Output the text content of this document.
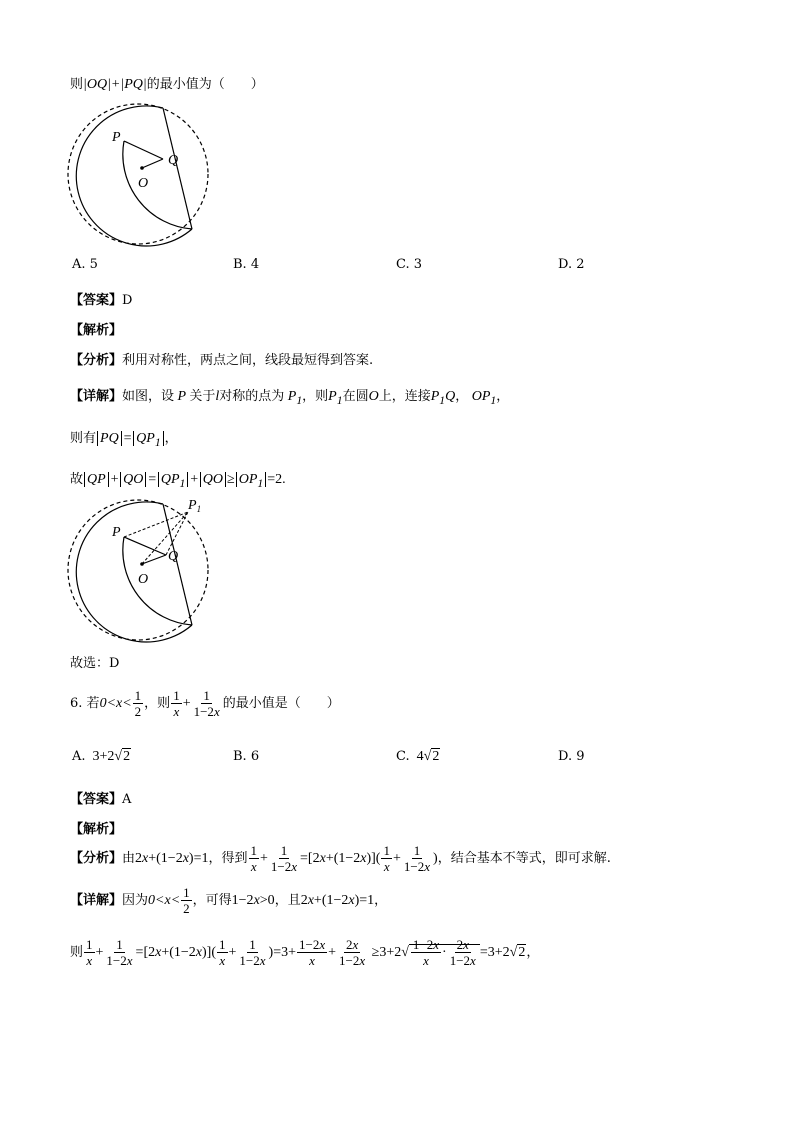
则|OQ|+|PQ|的最小值为（　　）
P
Q
O
A. 5	B. 4	C. 3	D. 2
【答案】D
【解析】
【分析】利用对称性，两点之间，线段最短得到答案.
【详解】如图，设 P 关于l对称的点为 $P_1$，则$P_1$在圆O上，连接$P_1Q$， $OP_1$，
则有 PQ = $QP_1$ ，
故 QP + QO = $QP_1$ + QO ≥ $OP_1 =2$.
P
$P_1$
Q
O
故选：D
6. 若$0<x< \frac{1}{2}$ ，则 $\frac{1}{x} + \frac{1}{1-2x}$ 的最小值是（　　）
A.  3+2√2	B. 6	C.  4√2	D. 9
【答案】A
【解析】
【分析】由2x+(1−2x)=1，得到 $\frac{1}{x} + \frac{1}{1-2x} =[2x+(1-2x)]( \frac{1}{x} + \frac{1}{1-2x}$ )，结合基本不等式，即可求解.
【详解】因为$0<x< \frac{1}{2}$ ，可得1−2x>0，且2x+(1−2x)=1，
则 $\frac{1}{x} + \frac{1}{1-2x} =[2x+(1-2x)]( \frac{1}{x} + \frac{1}{1-2x} )=3+ \frac{1-2x}{x} + \frac{2x}{1-2x} \ge 3+2√ \frac{1-2x}{x} \cdot \frac{2x}{1-2x} =3+2√2$，
